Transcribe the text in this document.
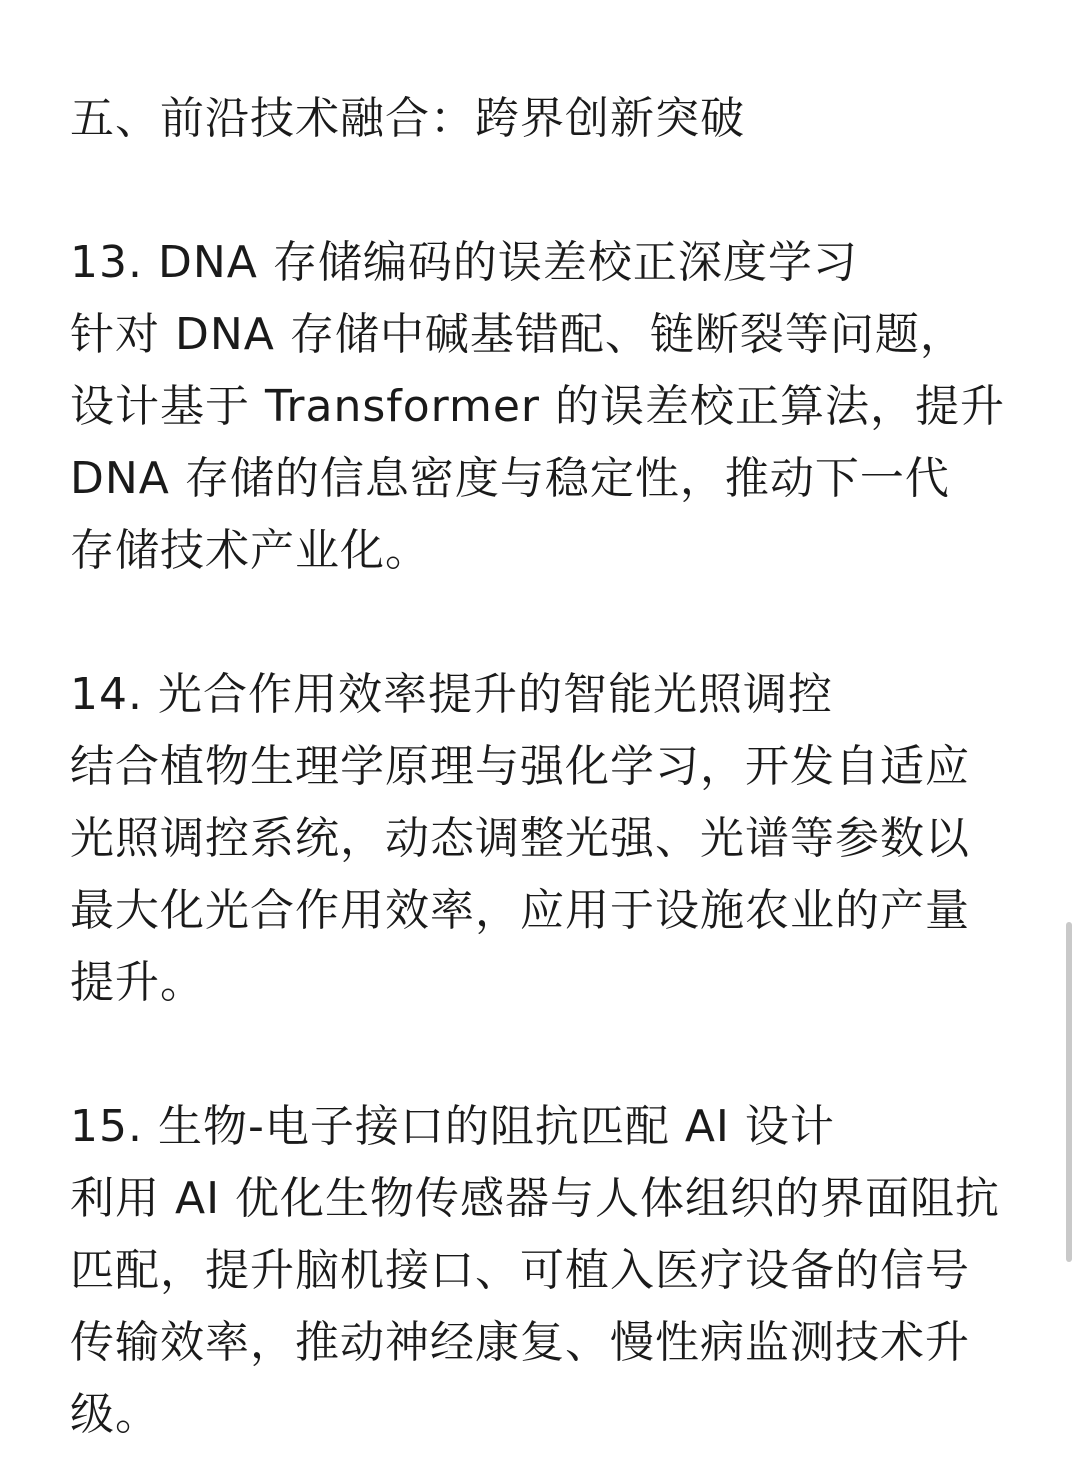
五、前沿技术融合：跨界创新突破

13. DNA 存储编码的误差校正深度学习

针对 DNA 存储中碱基错配、链断裂等问题，

设计基于 Transformer 的误差校正算法，提升

DNA 存储的信息密度与稳定性，推动下一代

存储技术产业化。

14. 光合作用效率提升的智能光照调控

结合植物生理学原理与强化学习，开发自适应

光照调控系统，动态调整光强、光谱等参数以

最大化光合作用效率，应用于设施农业的产量

提升。

15. 生物-电子接口的阻抗匹配 AI 设计

利用 AI 优化生物传感器与人体组织的界面阻抗

匹配，提升脑机接口、可植入医疗设备的信号

传输效率，推动神经康复、慢性病监测技术升

级。
